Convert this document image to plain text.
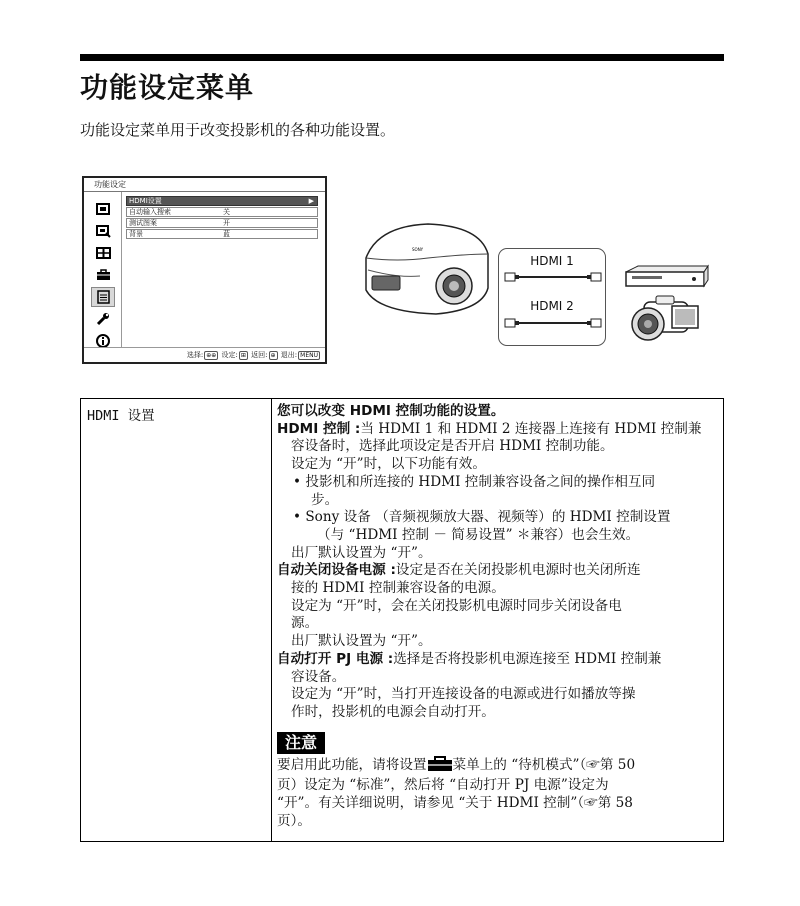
功能设定菜单

功能设定菜单用于改变投影机的各种功能设置。

功能设定
HDMI设置	▶
自动输入搜索	关
测试图案	开
背景	蓝
选择: ⊕⊕ 设定: ⊞ 返回: ⊕ 退出: MENU
SONY
HDMI 1
HDMI 2
HDMI 设置	您可以改变 HDMI 控制功能的设置。

HDMI 控制 :当 HDMI 1 和 HDMI 2 连接器上连接有 HDMI 控制兼

容设备时，选择此项设定是否开启 HDMI 控制功能。

设定为 “开”时，以下功能有效。

• 投影机和所连接的 HDMI 控制兼容设备之间的操作相互同

步。

• Sony 设备 （音频视频放大器、视频等）的 HDMI 控制设置

（与 “HDMI 控制 － 简易设置” ＊兼容）也会生效。

出厂默认设置为 “开”。

自动关闭设备电源 :设定是否在关闭投影机电源时也关闭所连

接的 HDMI 控制兼容设备的电源。

设定为 “开”时，会在关闭投影机电源时同步关闭设备电

源。

出厂默认设置为 “开”。

自动打开 PJ 电源 :选择是否将投影机电源连接至 HDMI 控制兼

容设备。

设定为 “开”时，当打开连接设备的电源或进行如播放等操

作时，投影机的电源会自动打开。

注意

要启用此功能，请将设置 菜单上的 “待机模式”（☞第 50

页）设定为 “标准”，然后将 “自动打开 PJ 电源”设定为

“开”。有关详细说明，请参见 “关于 HDMI 控制”（☞第 58

页）。
